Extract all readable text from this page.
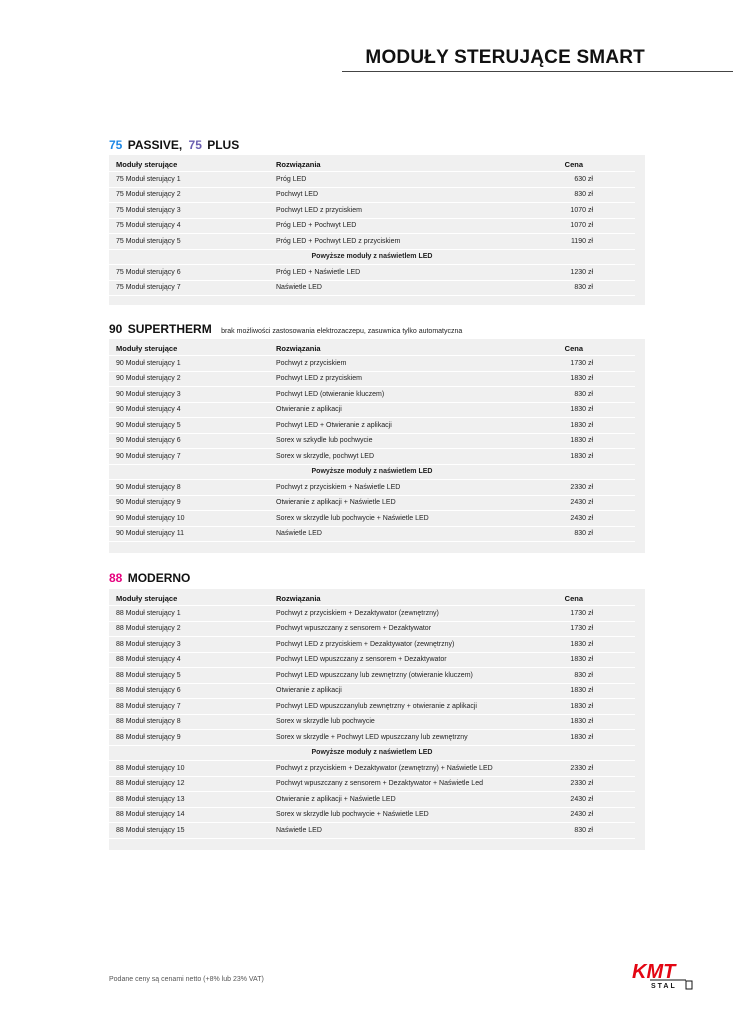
MODUŁY STERUJĄCE SMART
75 PASSIVE, 75 PLUS
Moduły sterujące	Rozwiązania	Cena
75 Moduł sterujący 1	Próg LED	630 zł
75 Moduł sterujący 2	Pochwyt LED	830 zł
75 Moduł sterujący 3	Pochwyt LED z przyciskiem	1070 zł
75 Moduł sterujący 4	Próg LED + Pochwyt LED	1070 zł
75 Moduł sterujący 5	Próg LED + Pochwyt LED z przyciskiem	1190 zł
Powyższe moduły z naświetlem LED
75 Moduł sterujący 6	Próg LED + Naświetle LED	1230 zł
75 Moduł sterujący 7	Naświetle LED	830 zł
90 SUPERTHERM brak możliwości zastosowania elektrozaczepu, zasuwnica tylko automatyczna
Moduły sterujące	Rozwiązania	Cena
90 Moduł sterujący 1	Pochwyt z przyciskiem	1730 zł
90 Moduł sterujący 2	Pochwyt LED z przyciskiem	1830 zł
90 Moduł sterujący 3	Pochwyt LED (otwieranie kluczem)	830 zł
90 Moduł sterujący 4	Otwieranie z aplikacji	1830 zł
90 Moduł sterujący 5	Pochwyt LED + Otwieranie z aplikacji	1830 zł
90 Moduł sterujący 6	Sorex w szkydle lub pochwycie	1830 zł
90 Moduł sterujący 7	Sorex w skrzydle, pochwyt LED	1830 zł
Powyższe moduły z naświetlem LED
90 Moduł sterujący 8	Pochwyt z przyciskiem + Naświetle LED	2330 zł
90 Moduł sterujący 9	Otwieranie z aplikacji + Naświetle LED	2430 zł
90 Moduł sterujący 10	Sorex w skrzydle lub pochwycie + Naświetle LED	2430 zł
90 Moduł sterujący 11	Naświetle LED	830 zł
88 MODERNO
Moduły sterujące	Rozwiązania	Cena
88 Moduł sterujący 1	Pochwyt z przyciskiem + Dezaktywator (zewnętrzny)	1730 zł
88 Moduł sterujący 2	Pochwyt wpuszczany z sensorem + Dezaktywator	1730 zł
88 Moduł sterujący 3	Pochwyt LED z przyciskiem + Dezaktywator (zewnętrzny)	1830 zł
88 Moduł sterujący 4	Pochwyt LED wpuszczany z sensorem + Dezaktywator	1830 zł
88 Moduł sterujący 5	Pochwyt LED wpuszczany lub zewnętrzny (otwieranie kluczem)	830 zł
88 Moduł sterujący 6	Otwieranie z aplikacji	1830 zł
88 Moduł sterujący 7	Pochwyt LED wpuszczanylub zewnętrzny + otwieranie z aplikacji	1830 zł
88 Moduł sterujący 8	Sorex w skrzydle lub pochwycie	1830 zł
88 Moduł sterujący 9	Sorex w skrzydle + Pochwyt LED wpuszczany lub zewnętrzny	1830 zł
Powyższe moduły z naświetlem LED
88 Moduł sterujący 10	Pochwyt z przyciskiem + Dezaktywator (zewnętrzny) + Naświetle LED	2330 zł
88 Moduł sterujący 12	Pochwyt wpuszczany z sensorem + Dezaktywator + Naświetle Led	2330 zł
88 Moduł sterujący 13	Otwieranie z aplikacji + Naświetle LED	2430 zł
88 Moduł sterujący 14	Sorex w skrzydle lub pochwycie + Naświetle LED	2430 zł
88 Moduł sterujący 15	Naświetle LED	830 zł
Podane ceny są cenami netto (+8% lub 23% VAT)	KMT
STAL
